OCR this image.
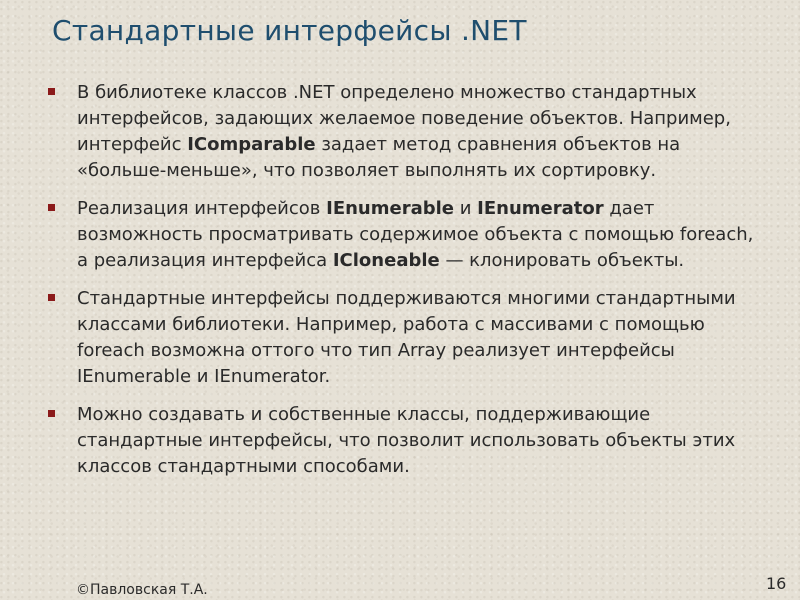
Стандартные интерфейсы .NET
В библиотеке классов .NET определено множество стандартных интерфейсов, задающих желаемое поведение объектов. Например, интерфейс IComparable задает метод сравнения объектов на «больше-меньше», что позволяет выполнять их сортировку.
Реализация интерфейсов IEnumerable и IEnumerator дает возможность просматривать содержимое объекта с помощью foreach, а реализация интерфейса ICloneable — клонировать объекты.
Стандартные интерфейсы поддерживаются многими стандартными классами библиотеки. Например, работа с массивами с помощью foreach возможна оттого что тип Array реализует интерфейсы IEnumerable и IEnumerator.
Можно создавать и собственные классы, поддерживающие стандартные интерфейсы, что позволит использовать объекты этих классов стандартными способами.
©Павловская Т.А.	16
